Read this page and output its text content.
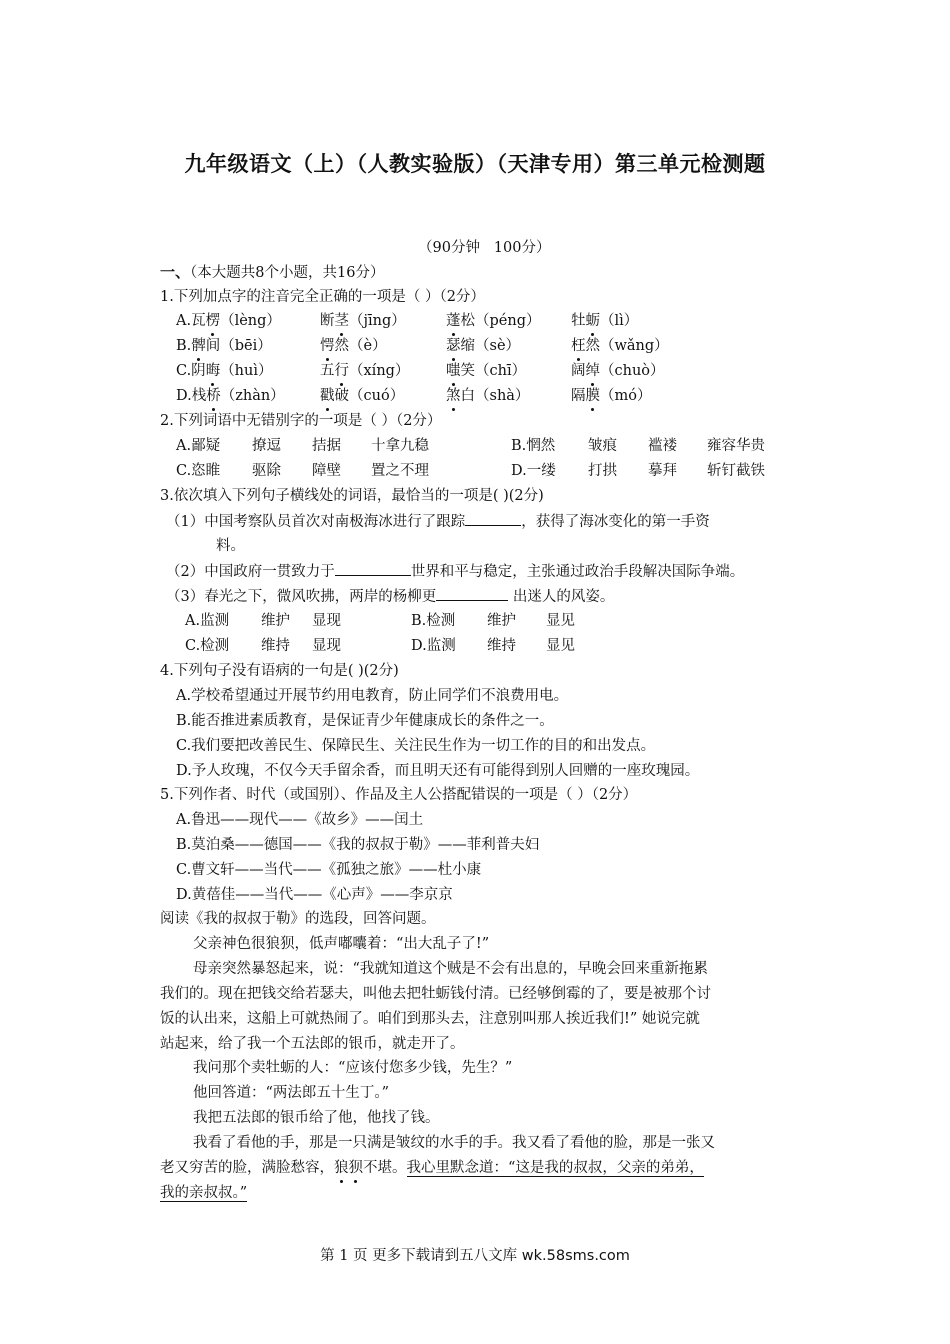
九年级语文（上）（人教实验版）（天津专用）第三单元检测题
（90分钟   100分）
一、（本大题共8个小题，共16分）
1.下列加点字的注音完全正确的一项是（ ）（2分）
A.瓦楞（lèng）	断茎（jīng）	蓬松（péng） 牡蛎（lì）
B.髀间（bēi）	愕然（è）	瑟缩（sè）	枉然（wǎng）
C.阴晦（huì）	五行（xíng）	嗤笑（chī）	阔绰（chuò）
D.栈桥（zhàn） 戳破（cuó）	煞白（shà）	隔膜（mó）
2.下列词语中无错别字的一项是（ ）（2分）
A.鄙疑 撩逗 拮据 十拿九稳	B.惘然 皱痕 褴褛 雍容华贵
C.恣睢 驱除 障壁 置之不理	D.一缕 打拱 摹拜 斩钉截铁
3.依次填入下列句子横线处的词语，最恰当的一项是( )(2分)
（1）中国考察队员首次对南极海冰进行了跟踪	，获得了海冰变化的第一手资
料。
（2）中国政府一贯致力于	世界和平与稳定，主张通过政治手段解决国际争端。
（3）春光之下，微风吹拂，两岸的杨柳更	出迷人的风姿。
A.监测 维护 显现	B.检测 维护 显见
C.检测 维持 显现	D.监测 维持 显见
4.下列句子没有语病的一句是( )(2分)
A.学校希望通过开展节约用电教育，防止同学们不浪费用电。
B.能否推进素质教育，是保证青少年健康成长的条件之一。
C.我们要把改善民生、保障民生、关注民生作为一切工作的目的和出发点。
D.予人玫瑰，不仅今天手留余香，而且明天还有可能得到别人回赠的一座玫瑰园。
5.下列作者、时代（或国别）、作品及主人公搭配错误的一项是（ ）（2分）
A.鲁迅——现代——《故乡》——闰土
B.莫泊桑——德国——《我的叔叔于勒》——菲利普夫妇
C.曹文轩——当代——《孤独之旅》——杜小康
D.黄蓓佳——当代——《心声》——李京京
阅读《我的叔叔于勒》的选段，回答问题。
父亲神色很狼狈，低声嘟囔着：“出大乱子了!”
母亲突然暴怒起来，说：“我就知道这个贼是不会有出息的，早晚会回来重新拖累
我们的。现在把钱交给若瑟夫，叫他去把牡蛎钱付清。已经够倒霉的了，要是被那个讨
饭的认出来，这船上可就热闹了。咱们到那头去，注意别叫那人挨近我们!” 她说完就
站起来，给了我一个五法郎的银币，就走开了。
我问那个卖牡蛎的人：“应该付您多少钱，先生？”
他回答道：“两法郎五十生丁。”
我把五法郎的银币给了他，他找了钱。
我看了看他的手，那是一只满是皱纹的水手的手。我又看了看他的脸，那是一张又
老又穷苦的脸，满脸愁容，狼狈不堪。我心里默念道：“这是我的叔叔，父亲的弟弟，
我的亲叔叔。”
第 1 页 更多下载请到五八文库 wk.58sms.com
